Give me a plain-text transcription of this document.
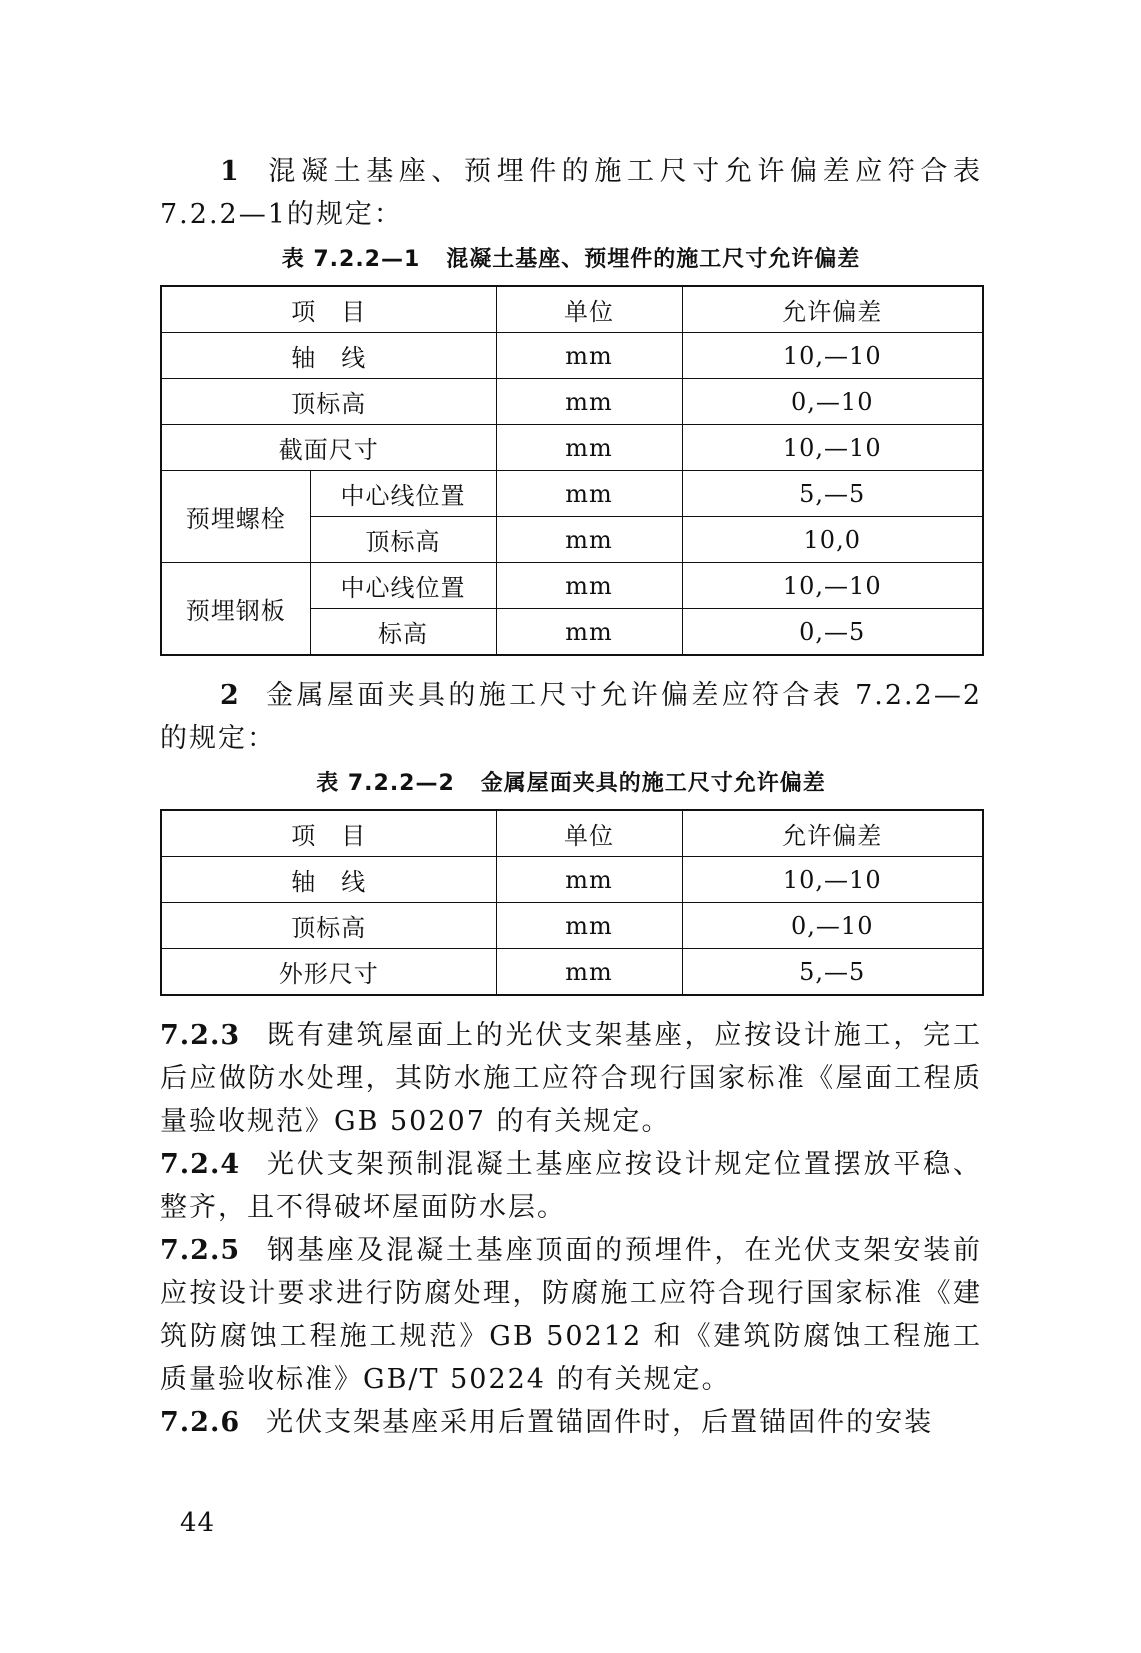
1 混凝土基座、预埋件的施工尺寸允许偏差应符合表 7.2.2—1的规定：

表 7.2.2—1 混凝土基座、预埋件的施工尺寸允许偏差
项　目		单位	允许偏差
轴　线		mm	10,—10
顶标高		mm	0,—10
截面尺寸		mm	10,—10
预埋螺栓	中心线位置	mm	5,—5
	顶标高	mm	10,0
预埋钢板	中心线位置	mm	10,—10
	标高	mm	0,—5

2 金属屋面夹具的施工尺寸允许偏差应符合表 7.2.2—2 的规定：

表 7.2.2—2 金属屋面夹具的施工尺寸允许偏差
项　目	单位	允许偏差
轴　线	mm	10,—10
顶标高	mm	0,—10
外形尺寸	mm	5,—5

7.2.3 既有建筑屋面上的光伏支架基座，应按设计施工，完工后应做防水处理，其防水施工应符合现行国家标准《屋面工程质量验收规范》GB 50207 的有关规定。

7.2.4 光伏支架预制混凝土基座应按设计规定位置摆放平稳、整齐，且不得破坏屋面防水层。

7.2.5 钢基座及混凝土基座顶面的预埋件，在光伏支架安装前应按设计要求进行防腐处理，防腐施工应符合现行国家标准《建筑防腐蚀工程施工规范》GB 50212 和《建筑防腐蚀工程施工质量验收标准》GB/T 50224 的有关规定。

7.2.6 光伏支架基座采用后置锚固件时，后置锚固件的安装

44
